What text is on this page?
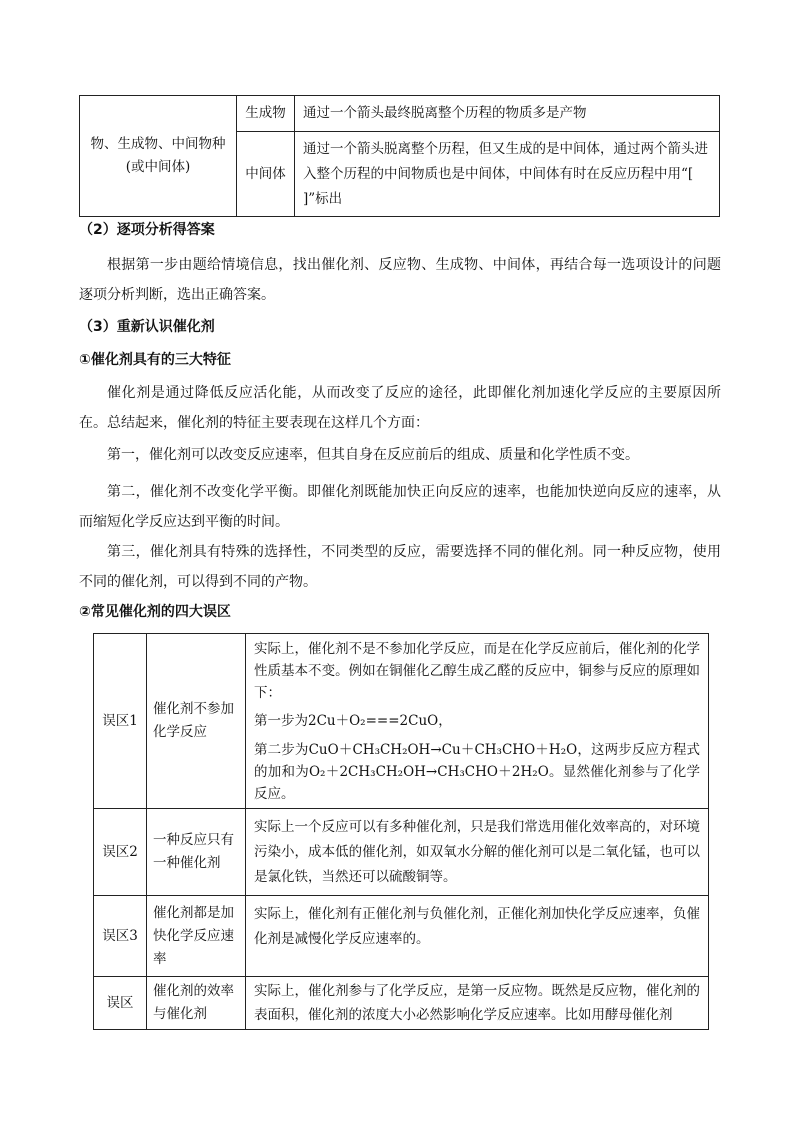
物、生成物、中间物种(或中间体)	生成物	通过一个箭头最终脱离整个历程的物质多是产物
	中间体	通过一个箭头脱离整个历程，但又生成的是中间体，通过两个箭头进入整个历程的中间物质也是中间体，中间体有时在反应历程中用“[ ]”标出
（2）逐项分析得答案
根据第一步由题给情境信息，找出催化剂、反应物、生成物、中间体，再结合每一选项设计的问题逐项分析判断，选出正确答案。
（3）重新认识催化剂
①催化剂具有的三大特征
催化剂是通过降低反应活化能，从而改变了反应的途径，此即催化剂加速化学反应的主要原因所在。总结起来，催化剂的特征主要表现在这样几个方面：
第一，催化剂可以改变反应速率，但其自身在反应前后的组成、质量和化学性质不变。
第二，催化剂不改变化学平衡。即催化剂既能加快正向反应的速率，也能加快逆向反应的速率，从而缩短化学反应达到平衡的时间。
第三，催化剂具有特殊的选择性，不同类型的反应，需要选择不同的催化剂。同一种反应物，使用不同的催化剂，可以得到不同的产物。
②常见催化剂的四大误区
误区1	催化剂不参加化学反应	实际上，催化剂不是不参加化学反应，而是在化学反应前后，催化剂的化学性质基本不变。例如在铜催化乙醇生成乙醛的反应中，铜参与反应的原理如下：

第一步为2Cu＋O₂===2CuO，

第二步为CuO＋CH₃CH₂OH→Cu＋CH₃CHO＋H₂O，这两步反应方程式的加和为O₂＋2CH₃CH₂OH→CH₃CHO＋2H₂O。显然催化剂参与了化学反应。

误区2	一种反应只有一种催化剂	实际上一个反应可以有多种催化剂，只是我们常选用催化效率高的，对环境污染小，成本低的催化剂，如双氧水分解的催化剂可以是二氧化锰，也可以是氯化铁，当然还可以硫酸铜等。
误区3	催化剂都是加快化学反应速率	实际上，催化剂有正催化剂与负催化剂，正催化剂加快化学反应速率，负催化剂是减慢化学反应速率的。
误区	催化剂的效率与催化剂	实际上，催化剂参与了化学反应，是第一反应物。既然是反应物，催化剂的表面积，催化剂的浓度大小必然影响化学反应速率。比如用酵母催化剂
